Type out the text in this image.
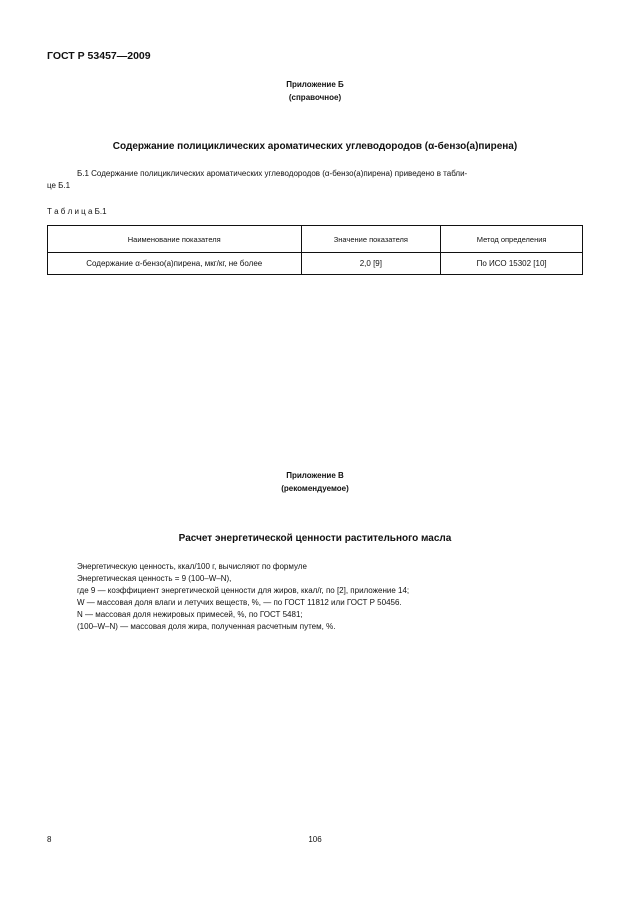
ГОСТ Р 53457—2009
Приложение Б
(справочное)
Содержание полициклических ароматических углеводородов (α-бензо(а)пирена)
Б.1 Содержание полициклических ароматических углеводородов (α-бензо(а)пирена) приведено в табли-
це Б.1
Т а б л и ц а Б.1
Наименование показателя	Значение показателя	Метод определения
Содержание α-бензо(а)пирена, мкг/кг, не более	2,0 [9]	По ИСО 15302 [10]
Приложение В
(рекомендуемое)
Расчет энергетической ценности растительного масла
Энергетическую ценность, ккал/100 г, вычисляют по формуле
Энергетическая ценность = 9 (100–W–N),
где 9 — коэффициент энергетической ценности для жиров, ккал/г, по [2], приложение 14;
W — массовая доля влаги и летучих веществ, %, — по ГОСТ 11812 или ГОСТ Р 50456.
N — массовая доля нежировых примесей, %, по ГОСТ 5481;
(100–W–N) — массовая доля жира, полученная расчетным путем, %.
8	106
